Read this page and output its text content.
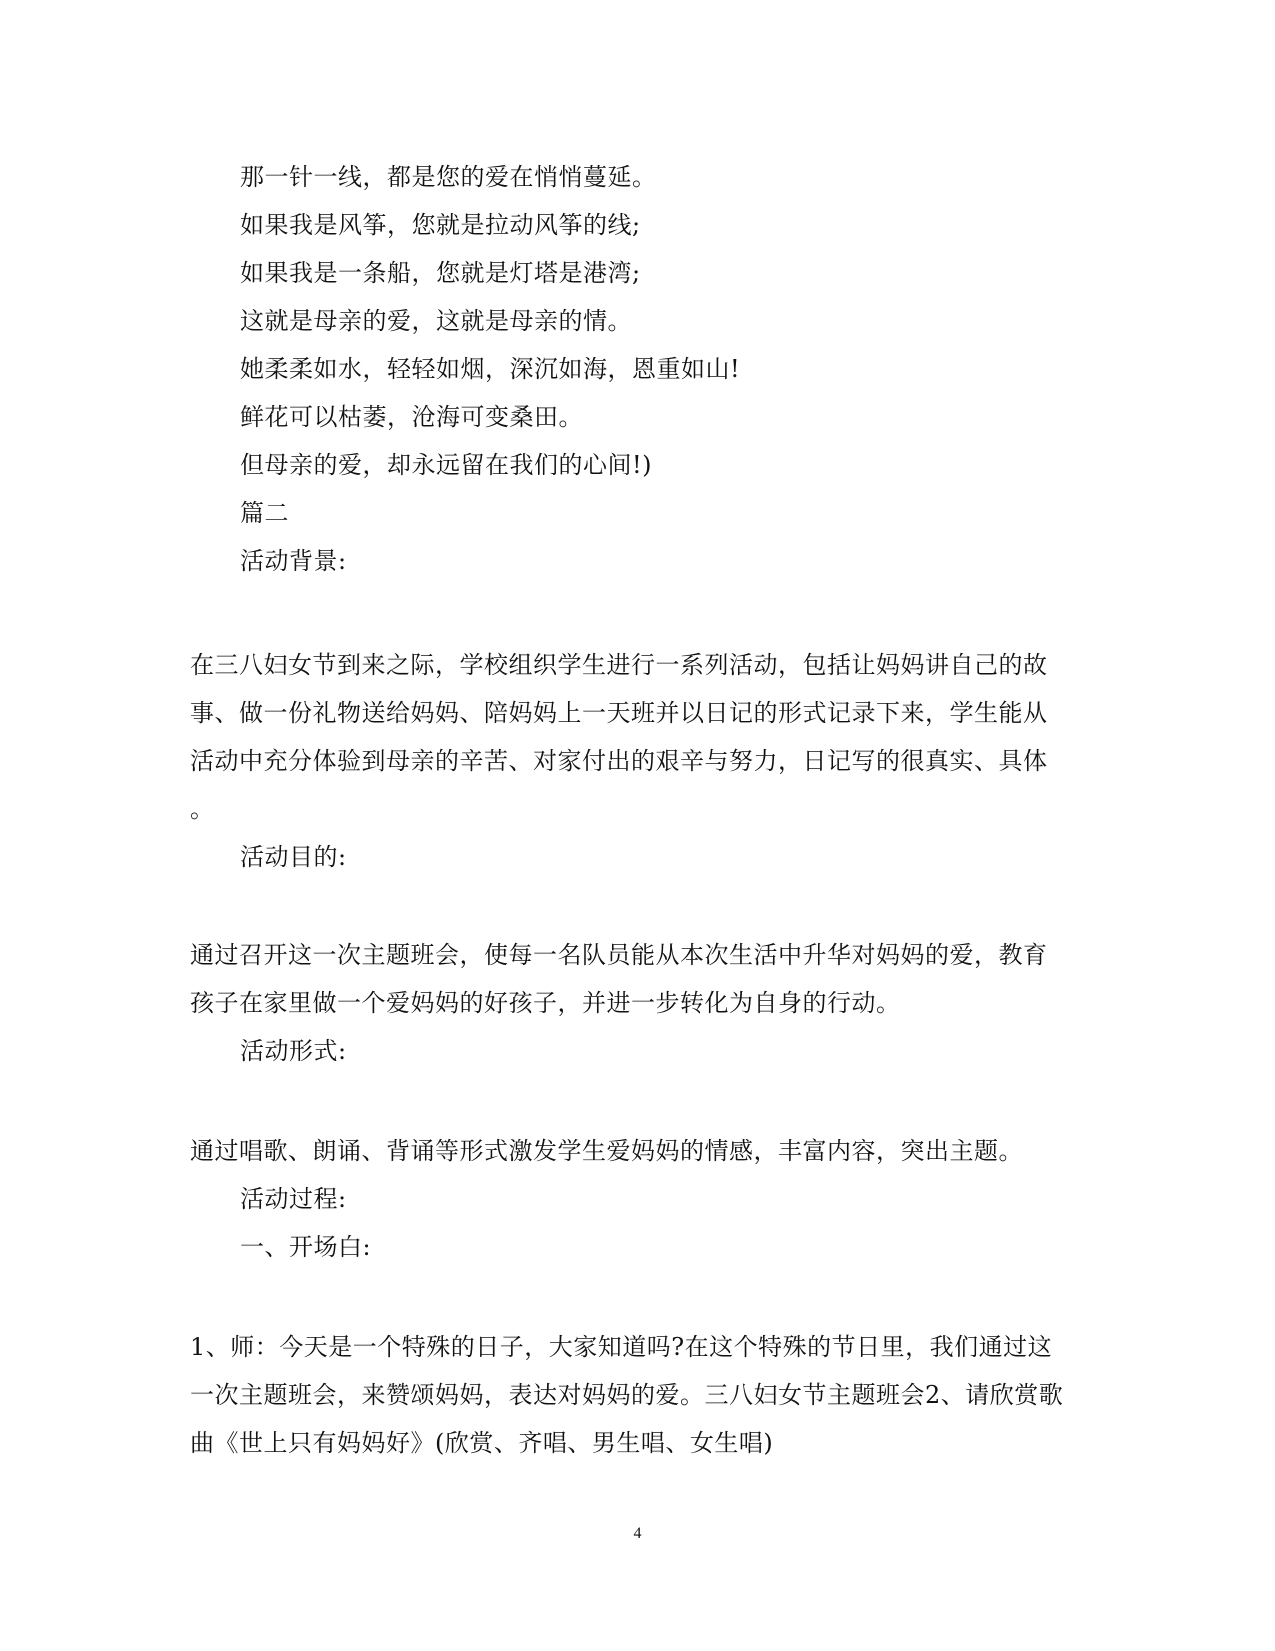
那一针一线，都是您的爱在悄悄蔓延。
如果我是风筝，您就是拉动风筝的线;
如果我是一条船，您就是灯塔是港湾;
这就是母亲的爱，这就是母亲的情。
她柔柔如水，轻轻如烟，深沉如海，恩重如山!
鲜花可以枯萎，沧海可变桑田。
但母亲的爱，却永远留在我们的心间!)
篇二
活动背景:
在三八妇女节到来之际，学校组织学生进行一系列活动，包括让妈妈讲自己的故
事、做一份礼物送给妈妈、陪妈妈上一天班并以日记的形式记录下来，学生能从
活动中充分体验到母亲的辛苦、对家付出的艰辛与努力，日记写的很真实、具体
。
活动目的:
通过召开这一次主题班会，使每一名队员能从本次生活中升华对妈妈的爱，教育
孩子在家里做一个爱妈妈的好孩子，并进一步转化为自身的行动。
活动形式:
通过唱歌、朗诵、背诵等形式激发学生爱妈妈的情感，丰富内容，突出主题。
活动过程:
一、开场白:
1、师：今天是一个特殊的日子，大家知道吗?在这个特殊的节日里，我们通过这
一次主题班会，来赞颂妈妈，表达对妈妈的爱。三八妇女节主题班会2、请欣赏歌
曲《世上只有妈妈好》(欣赏、齐唱、男生唱、女生唱)
4
